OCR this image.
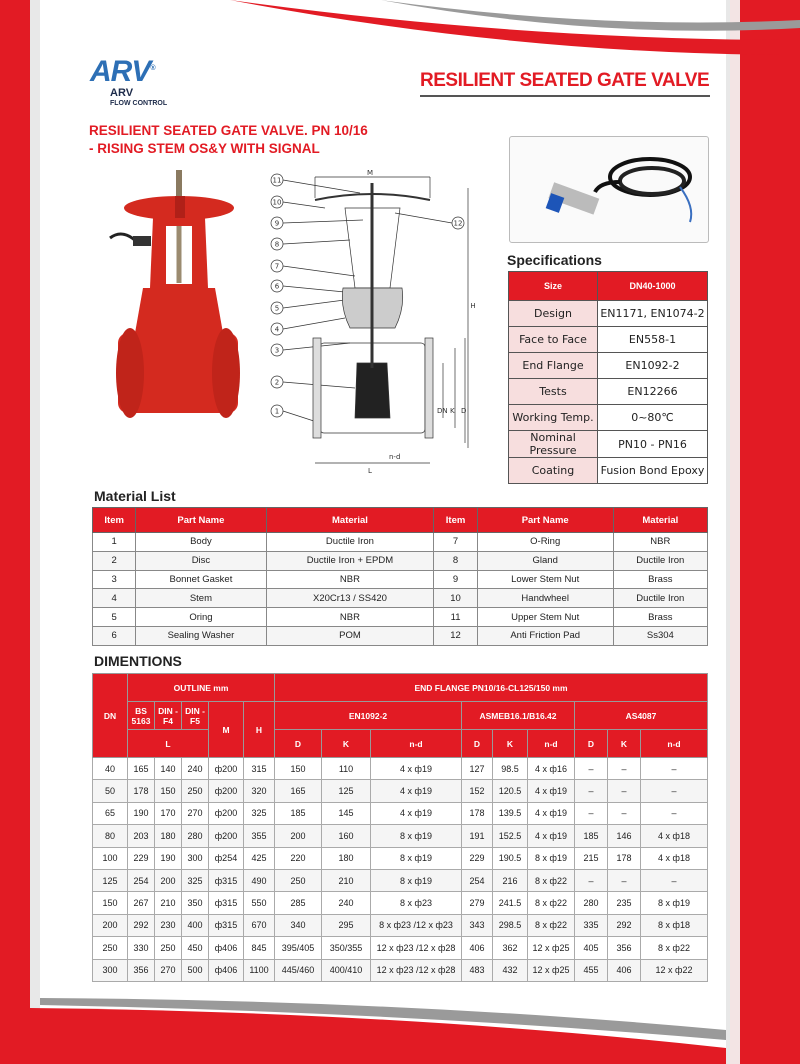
ARV®
ARV
FLOW CONTROL
RESILIENT SEATED GATE VALVE
RESILIENT SEATED GATE VALVE. PN 10/16
- RISING STEM OS&Y WITH SIGNAL
11
10
9
8
7
6
5
4
3
2
1
12
M
H
DN K D
L
n-d
Specifications
Size	DN40-1000
Design	EN1171, EN1074-2
Face to Face	EN558-1
End Flange	EN1092-2
Tests	EN12266
Working Temp.	0~80℃
Nominal Pressure	PN10 - PN16
Coating	Fusion Bond Epoxy
Material List
Item	Part Name	Material	Item	Part Name	Material
1	Body	Ductile Iron	7	O-Ring	NBR
2	Disc	Ductile Iron + EPDM	8	Gland	Ductile Iron
3	Bonnet Gasket	NBR	9	Lower Stem Nut	Brass
4	Stem	X20Cr13 / SS420	10	Handwheel	Ductile Iron
5	Oring	NBR	11	Upper Stem Nut	Brass
6	Sealing Washer	POM	12	Anti Friction Pad	Ss304
DIMENTIONS
DN	OUTLINE mm					END FLANGE PN10/16-CL125/150 mm								
	BS 5163	DIN -F4	DIN -F5	M	H	EN1092-2			ASMEB16.1/B16.42			AS4087		
	L					D	K	n-d	D	K	n-d	D	K	n-d
40	165	140	240	ф200	315	150	110	4 x ф19	127	98.5	4 x ф16	–	–	–
50	178	150	250	ф200	320	165	125	4 x ф19	152	120.5	4 x ф19	–	–	–
65	190	170	270	ф200	325	185	145	4 x ф19	178	139.5	4 x ф19	–	–	–
80	203	180	280	ф200	355	200	160	8 x ф19	191	152.5	4 x ф19	185	146	4 x ф18
100	229	190	300	ф254	425	220	180	8 x ф19	229	190.5	8 x ф19	215	178	4 x ф18
125	254	200	325	ф315	490	250	210	8 x ф19	254	216	8 x ф22	–	–	–
150	267	210	350	ф315	550	285	240	8 x ф23	279	241.5	8 x ф22	280	235	8 x ф19
200	292	230	400	ф315	670	340	295	8 x ф23 /12 x ф23	343	298.5	8 x ф22	335	292	8 x ф18
250	330	250	450	ф406	845	395/405	350/355	12 x ф23 /12 x ф28	406	362	12 x ф25	405	356	8 x ф22
300	356	270	500	ф406	1100	445/460	400/410	12 x ф23 /12 x ф28	483	432	12 x ф25	455	406	12 x ф22
